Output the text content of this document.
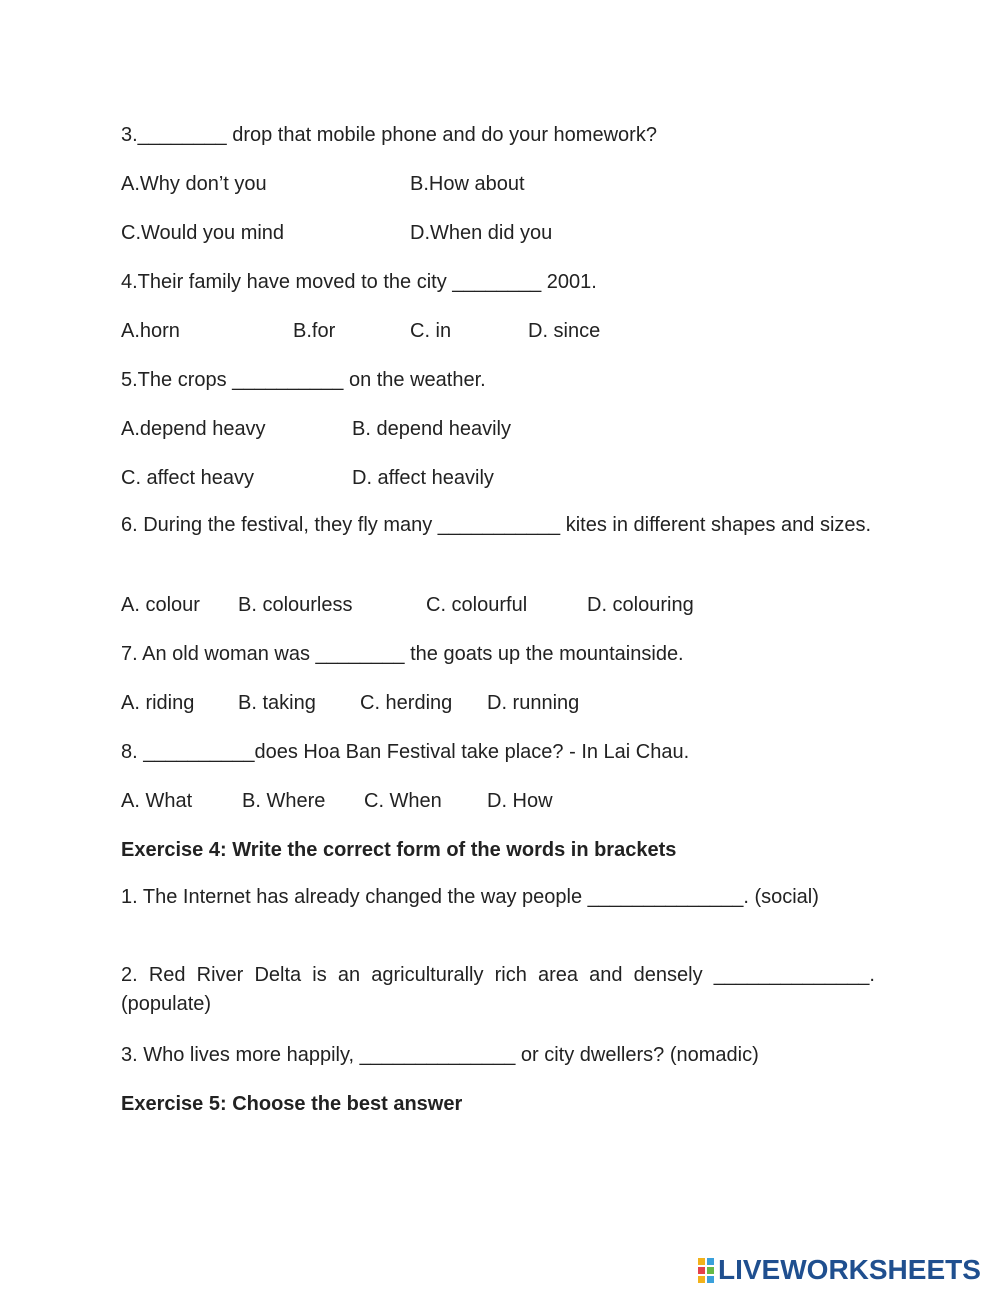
3.________ drop that mobile phone and do your homework?
A.Why don’t you	B.How about
C.Would you mind	D.When did you
4.Their family have moved to the city ________ 2001.
A.horn	B.for	C. in	D. since
5.The crops __________ on the weather.
A.depend heavy	B. depend heavily
C. affect heavy	D. affect heavily
6. During the festival, they fly many ___________ kites in different shapes and sizes.
A. colour B. colourless	C. colourful	D. colouring
7. An old woman was ________ the goats up the mountainside.
A. riding B. taking C. herding D. running
8. __________does Hoa Ban Festival take place? - In Lai Chau.
A. What B. Where C. When D. How
Exercise 4: Write the correct form of the words in brackets
1. The Internet has already changed the way people ______________. (social)
2. Red River Delta is an agriculturally rich area and densely ______________. (populate)
3. Who lives more happily, ______________ or city dwellers? (nomadic)
Exercise 5: Choose the best answer
LIVEWORKSHEETS
